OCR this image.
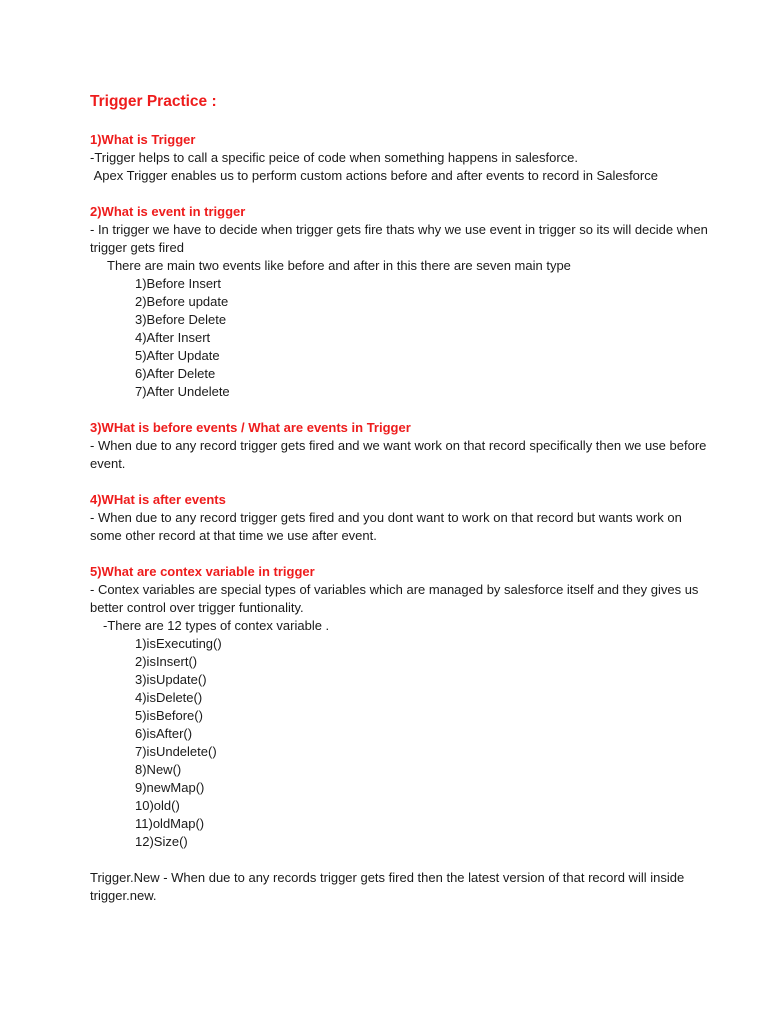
Trigger Practice :
1)What is Trigger
-Trigger helps to call a specific peice of code when something happens in salesforce.
Apex Trigger enables us to perform custom actions before and after events to record in Salesforce
2)What is event in trigger
- In trigger we have to decide when trigger gets fire thats why we use event in trigger so its will decide when trigger gets fired
There are main two events like before and after in this there are seven main type
1)Before Insert
2)Before update
3)Before Delete
4)After Insert
5)After Update
6)After Delete
7)After Undelete
3)WHat is before events / What are events in Trigger
- When due to any record trigger gets fired and we want work on that record specifically then we use before event.
4)WHat is after events
- When due to any record trigger gets fired and you dont want to work on that record but wants work on some other record at that time we use after event.
5)What are contex variable in trigger
- Contex variables are special types of variables which are managed by salesforce itself and they gives us better control over trigger funtionality.
-There are 12 types of contex variable .
1)isExecuting()
2)isInsert()
3)isUpdate()
4)isDelete()
5)isBefore()
6)isAfter()
7)isUndelete()
8)New()
9)newMap()
10)old()
11)oldMap()
12)Size()
Trigger.New - When due to any records trigger gets fired then the latest version of that record will inside trigger.new.
